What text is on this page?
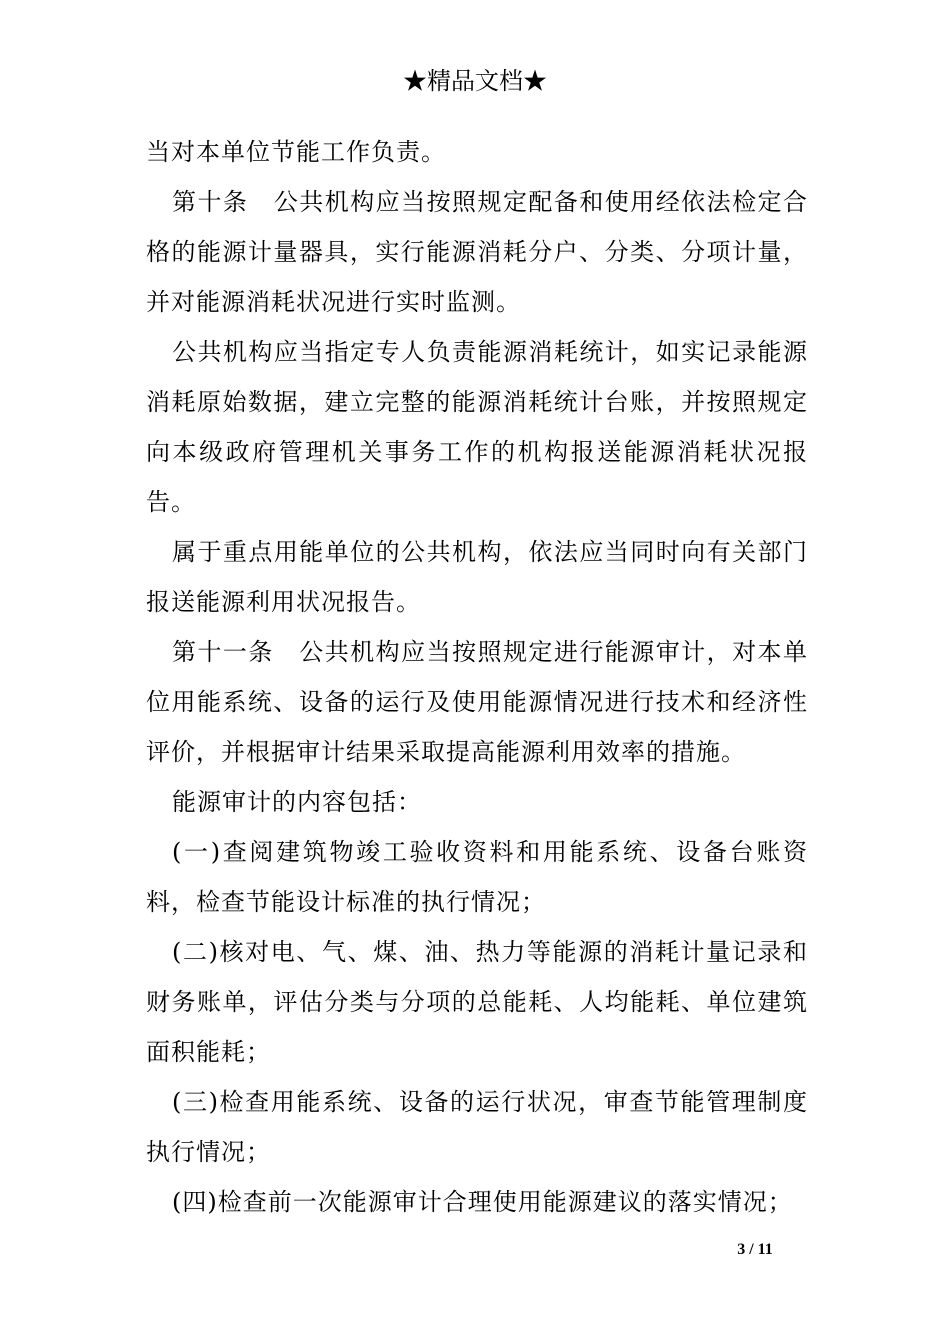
★精品文档★

当对本单位节能工作负责。

第十条　公共机构应当按照规定配备和使用经依法检定合格的能源计量器具，实行能源消耗分户、分类、分项计量，并对能源消耗状况进行实时监测。

公共机构应当指定专人负责能源消耗统计，如实记录能源消耗原始数据，建立完整的能源消耗统计台账，并按照规定向本级政府管理机关事务工作的机构报送能源消耗状况报告。

属于重点用能单位的公共机构，依法应当同时向有关部门报送能源利用状况报告。

第十一条　公共机构应当按照规定进行能源审计，对本单位用能系统、设备的运行及使用能源情况进行技术和经济性评价，并根据审计结果采取提高能源利用效率的措施。

能源审计的内容包括：

(一)查阅建筑物竣工验收资料和用能系统、设备台账资料，检查节能设计标准的执行情况；

(二)核对电、气、煤、油、热力等能源的消耗计量记录和财务账单，评估分类与分项的总能耗、人均能耗、单位建筑面积能耗；

(三)检查用能系统、设备的运行状况，审查节能管理制度执行情况；

(四)检查前一次能源审计合理使用能源建议的落实情况；

3 / 11
